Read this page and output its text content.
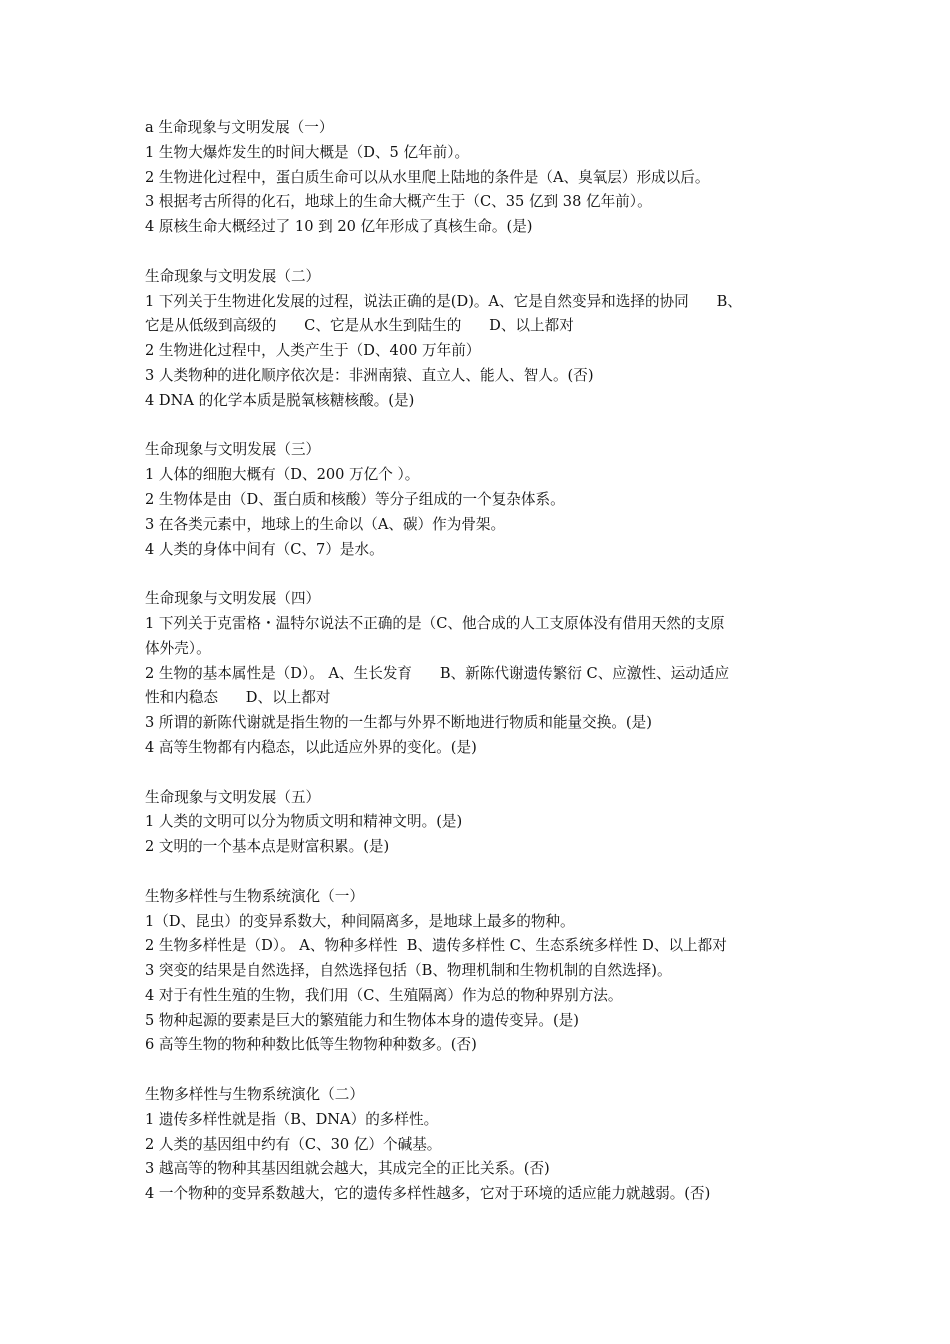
a 生命现象与文明发展（一）

1 生物大爆炸发生的时间大概是（D、5 亿年前）。

2 生物进化过程中，蛋白质生命可以从水里爬上陆地的条件是（A、臭氧层）形成以后。

3 根据考古所得的化石，地球上的生命大概产生于（C、35 亿到 38 亿年前）。

4 原核生命大概经过了 10 到 20 亿年形成了真核生命。(是)

生命现象与文明发展（二）

1 下列关于生物进化发展的过程，说法正确的是(D)。A、它是自然变异和选择的协同      B、

它是从低级到高级的      C、它是从水生到陆生的      D、以上都对

2 生物进化过程中，人类产生于（D、400 万年前）

3 人类物种的进化顺序依次是：非洲南猿、直立人、能人、智人。(否)

4 DNA 的化学本质是脱氧核糖核酸。(是)

生命现象与文明发展（三）

1 人体的细胞大概有（D、200 万亿个 ）。

2 生物体是由（D、蛋白质和核酸）等分子组成的一个复杂体系。

3 在各类元素中，地球上的生命以（A、碳）作为骨架。

4 人类的身体中间有（C、7）是水。

生命现象与文明发展（四）

1 下列关于克雷格・温特尔说法不正确的是（C、他合成的人工支原体没有借用天然的支原

体外壳）。

2 生物的基本属性是（D）。 A、生长发育      B、新陈代谢遗传繁衍 C、应激性、运动适应

性和内稳态      D、以上都对

3 所谓的新陈代谢就是指生物的一生都与外界不断地进行物质和能量交换。(是)

4 高等生物都有内稳态，以此适应外界的变化。(是)

生命现象与文明发展（五）

1 人类的文明可以分为物质文明和精神文明。(是)

2 文明的一个基本点是财富积累。(是)

生物多样性与生物系统演化（一）

1（D、昆虫）的变异系数大，种间隔离多，是地球上最多的物种。

2 生物多样性是（D）。 A、物种多样性  B、遗传多样性 C、生态系统多样性 D、以上都对

3 突变的结果是自然选择，自然选择包括（B、物理机制和生物机制的自然选择)。

4 对于有性生殖的生物，我们用（C、生殖隔离）作为总的物种界别方法。

5 物种起源的要素是巨大的繁殖能力和生物体本身的遗传变异。(是)

6 高等生物的物种种数比低等生物物种种数多。(否)

生物多样性与生物系统演化（二）

1 遗传多样性就是指（B、DNA）的多样性。

2 人类的基因组中约有（C、30 亿）个碱基。

3 越高等的物种其基因组就会越大，其成完全的正比关系。(否)

4 一个物种的变异系数越大，它的遗传多样性越多，它对于环境的适应能力就越弱。(否)
